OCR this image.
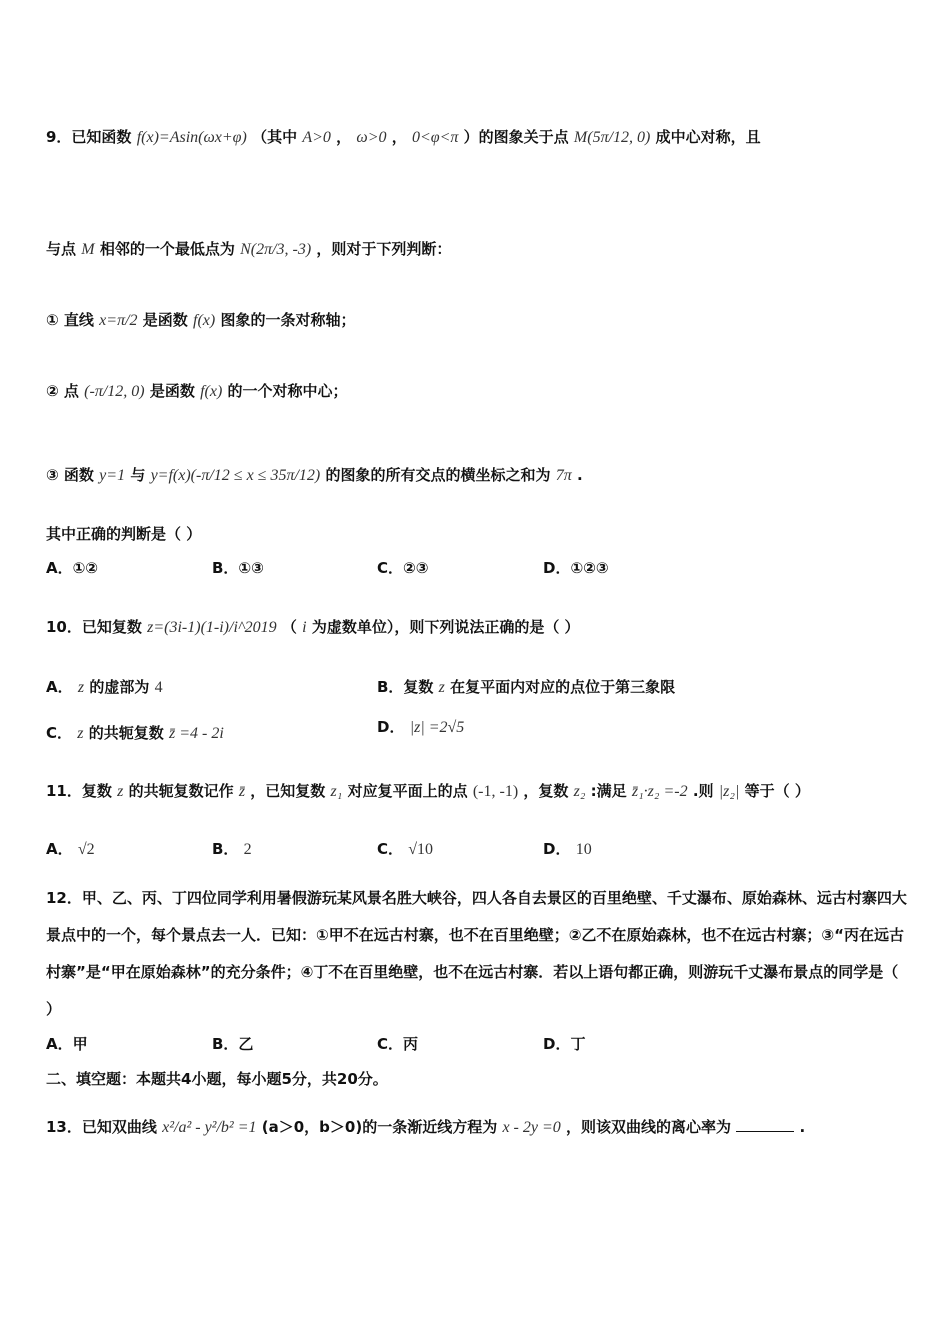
9．已知函数 f(x)=Asin(ωx+φ) （其中 A>0 ， ω>0 ， 0<φ<π ）的图象关于点 M(5π/12, 0) 成中心对称，且
与点 M 相邻的一个最低点为 N(2π/3, -3) ，则对于下列判断：
① 直线 x=π/2 是函数 f(x) 图象的一条对称轴；
② 点 (-π/12, 0) 是函数 f(x) 的一个对称中心；
③ 函数 y=1 与 y=f(x)(-π/12 ≤ x ≤ 35π/12) 的图象的所有交点的横坐标之和为 7π .
其中正确的判断是（ ）
A．①②	B．①③	C．②③	D．①②③
10．已知复数 z=(3i-1)(1-i)/i^2019 （ i 为虚数单位），则下列说法正确的是（ ）
A． z 的虚部为 4	B．复数 z 在复平面内对应的点位于第三象限
C． z 的共轭复数 z̄ =4 - 2i	D． |z| =2√5
11．复数 z 的共轭复数记作 z̄ ，已知复数 z₁ 对应复平面上的点 (-1, -1) ，复数 z₂ :满足 z̄₁·z₂ =-2 .则 |z₂| 等于（ ）
A． √2	B． 2	C． √10	D． 10
12．甲、乙、丙、丁四位同学利用暑假游玩某风景名胜大峡谷，四人各自去景区的百里绝壁、千丈瀑布、原始森林、远古村寨四大景点中的一个，每个景点去一人．已知：①甲不在远古村寨，也不在百里绝壁；②乙不在原始森林，也不在远古村寨；③“丙在远古村寨”是“甲在原始森林”的充分条件；④丁不在百里绝壁，也不在远古村寨．若以上语句都正确，则游玩千丈瀑布景点的同学是（ ）
A．甲	B．乙	C．丙	D．丁
二、填空题：本题共4小题，每小题5分，共20分。
13．已知双曲线 x²/a² - y²/b² =1 (a＞0，b＞0)的一条渐近线方程为 x - 2y =0 ，则该双曲线的离心率为	.
